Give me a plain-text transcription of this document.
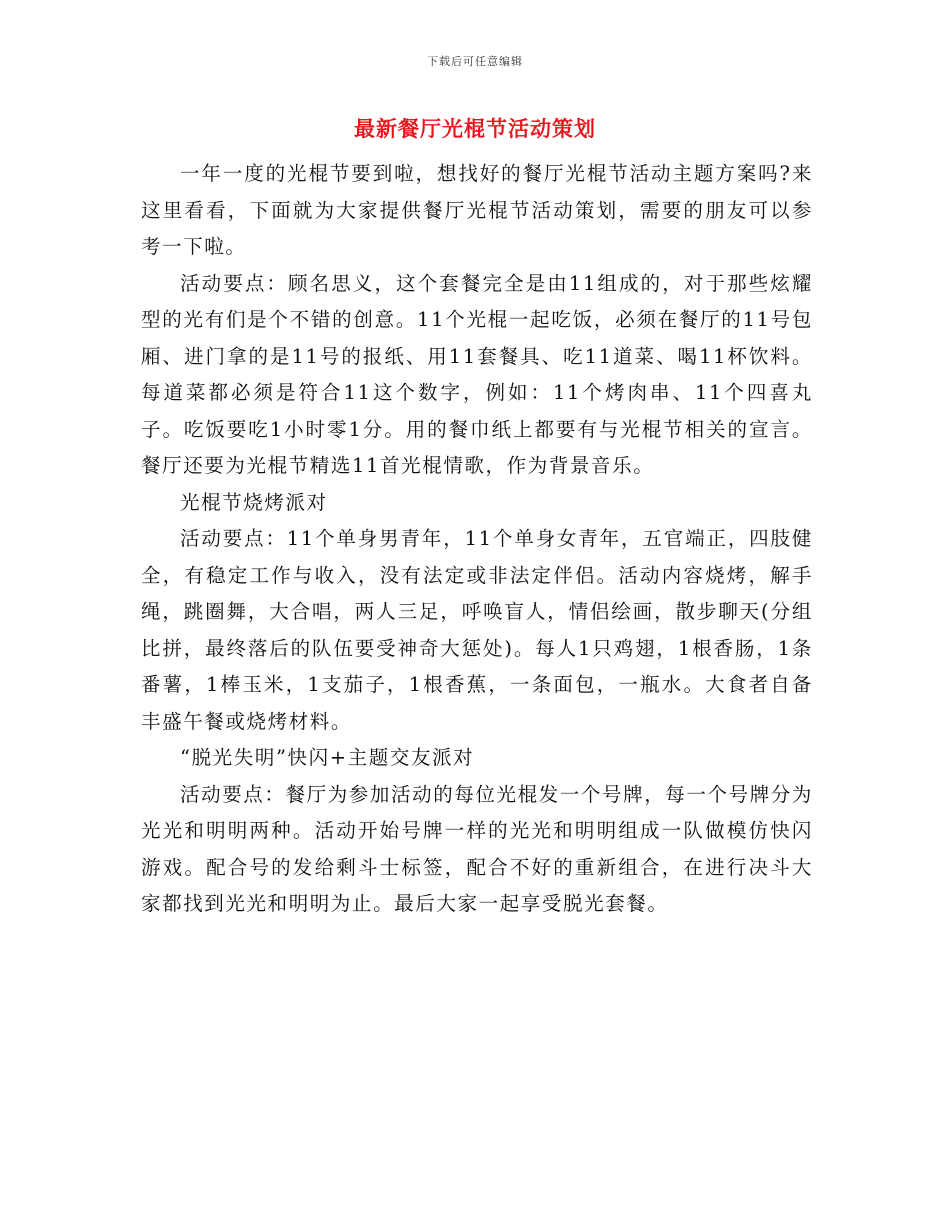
下载后可任意编辑
最新餐厅光棍节活动策划

一年一度的光棍节要到啦，想找好的餐厅光棍节活动主题方案吗?来这里看看，下面就为大家提供餐厅光棍节活动策划，需要的朋友可以参考一下啦。

活动要点：顾名思义，这个套餐完全是由11组成的，对于那些炫耀型的光有们是个不错的创意。11个光棍一起吃饭，必须在餐厅的11号包厢、进门拿的是11号的报纸、用11套餐具、吃11道菜、喝11杯饮料。每道菜都必须是符合11这个数字，例如：11个烤肉串、11个四喜丸子。吃饭要吃1小时零1分。用的餐巾纸上都要有与光棍节相关的宣言。餐厅还要为光棍节精选11首光棍情歌，作为背景音乐。

光棍节烧烤派对

活动要点：11个单身男青年，11个单身女青年，五官端正，四肢健全，有稳定工作与收入，没有法定或非法定伴侣。活动内容烧烤，解手绳，跳圈舞，大合唱，两人三足，呼唤盲人，情侣绘画，散步聊天(分组比拼，最终落后的队伍要受神奇大惩处)。每人1只鸡翅，1根香肠，1条番薯，1棒玉米，1支茄子，1根香蕉，一条面包，一瓶水。大食者自备丰盛午餐或烧烤材料。

“脱光失明”快闪+主题交友派对

活动要点：餐厅为参加活动的每位光棍发一个号牌，每一个号牌分为光光和明明两种。活动开始号牌一样的光光和明明组成一队做模仿快闪游戏。配合号的发给剩斗士标签，配合不好的重新组合，在进行决斗大家都找到光光和明明为止。最后大家一起享受脱光套餐。
